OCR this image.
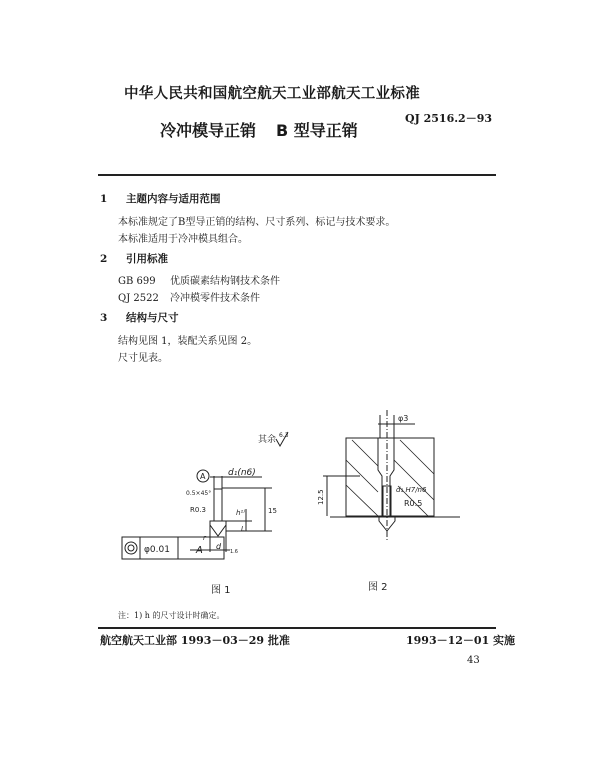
中华人民共和国航空航天工业部航天工业标准
QJ 2516.2－93
冷冲模导正销 B 型导正销
1 主题内容与适用范围
本标准规定了B型导正销的结构、尺寸系列、标记与技术要求。
本标准适用于冷冲模具组合。
2 引用标准
GB 699 优质碳素结构钢技术条件
QJ 2522 冷冲模零件技术条件
3 结构与尺寸
结构见图 1，装配关系见图 2。
尺寸见表。
其余 6.3
A	d₁(n6)
0.5×45°
R0.3	h¹⁾	15
L
r
d
1.6
φ0.01	A
图 1
φ3
12.5	d₁ H7/n6
R0.5
图 2
注：1) h 的尺寸设计时确定。
航空航天工业部 1993－03－29 批准	1993－12－01 实施
43
